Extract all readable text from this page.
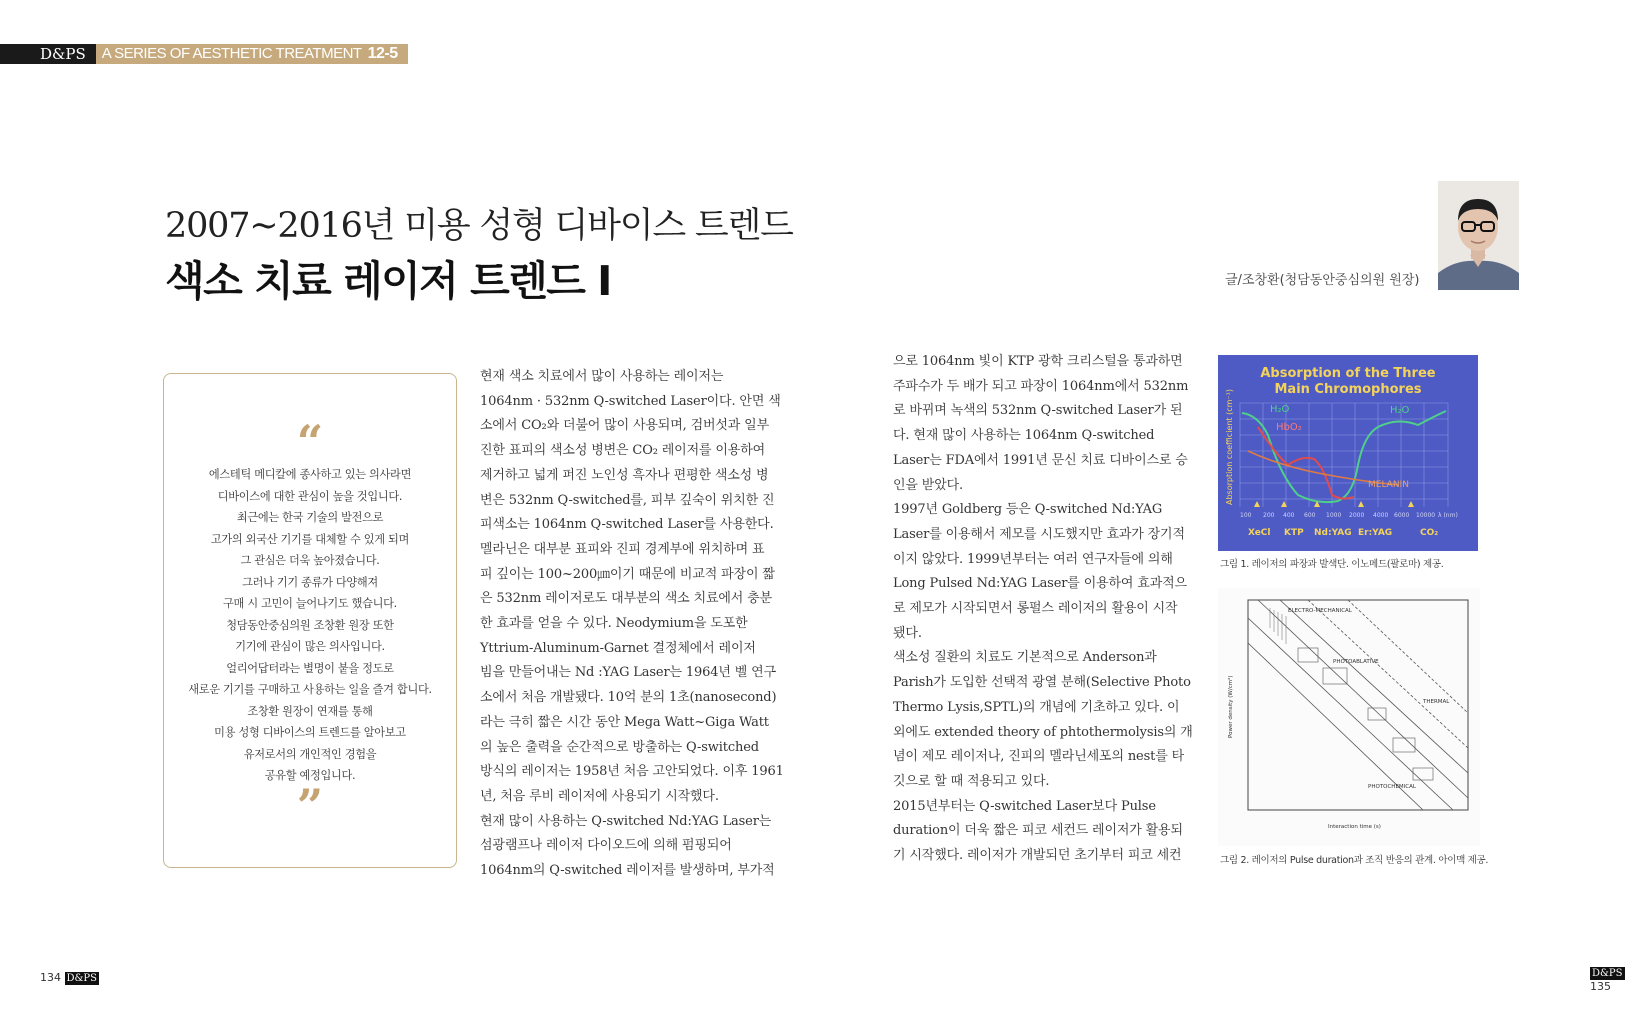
D&PS	A SERIES OF AESTHETIC TREATMENT 12-5
2007~2016년 미용 성형 디바이스 트렌드
색소 치료 레이저 트렌드 I	글/조창환(청담동안중심의원 원장)
“
에스테틱 메디칼에 종사하고 있는 의사라면
디바이스에 대한 관심이 높을 것입니다.
최근에는 한국 기술의 발전으로
고가의 외국산 기기를 대체할 수 있게 되며
그 관심은 더욱 높아졌습니다.
그러나 기기 종류가 다양해져
구매 시 고민이 늘어나기도 했습니다.
청담동안중심의원 조창환 원장 또한
기기에 관심이 많은 의사입니다.
얼리어답터라는 별명이 붙을 정도로
새로운 기기를 구매하고 사용하는 일을 즐겨 합니다.
조창환 원장이 연재를 통해
미용 성형 디바이스의 트렌드를 알아보고
유저로서의 개인적인 경험을
공유할 예정입니다.
”
현재 색소 치료에서 많이 사용하는 레이저는
1064nm · 532nm Q-switched Laser이다. 안면 색
소에서 CO₂와 더불어 많이 사용되며, 검버섯과 일부
진한 표피의 색소성 병변은 CO₂ 레이저를 이용하여
제거하고 넓게 퍼진 노인성 흑자나 편평한 색소성 병
변은 532nm Q-switched를, 피부 깊숙이 위치한 진
피색소는 1064nm Q-switched Laser를 사용한다.
멜라닌은 대부분 표피와 진피 경계부에 위치하며 표
피 깊이는 100~200㎛이기 때문에 비교적 파장이 짧
은 532nm 레이저로도 대부분의 색소 치료에서 충분
한 효과를 얻을 수 있다. Neodymium을 도포한
Yttrium-Aluminum-Garnet 결정체에서 레이저
빔을 만들어내는 Nd :YAG Laser는 1964년 벨 연구
소에서 처음 개발됐다. 10억 분의 1초(nanosecond)
라는 극히 짧은 시간 동안 Mega Watt~Giga Watt
의 높은 출력을 순간적으로 방출하는 Q-switched
방식의 레이저는 1958년 처음 고안되었다. 이후 1961
년, 처음 루비 레이저에 사용되기 시작했다.
현재 많이 사용하는 Q-switched Nd:YAG Laser는
섬광램프나 레이저 다이오드에 의해 펌핑되어
1064nm의 Q-switched 레이저를 발생하며, 부가적
으로 1064nm 빛이 KTP 광학 크리스털을 통과하면
주파수가 두 배가 되고 파장이 1064nm에서 532nm
로 바뀌며 녹색의 532nm Q-switched Laser가 된
다. 현재 많이 사용하는 1064nm Q-switched
Laser는 FDA에서 1991년 문신 치료 디바이스로 승
인을 받았다.
1997년 Goldberg 등은 Q-switched Nd:YAG
Laser를 이용해서 제모를 시도했지만 효과가 장기적
이지 않았다. 1999년부터는 여러 연구자들에 의해
Long Pulsed Nd:YAG Laser를 이용하여 효과적으
로 제모가 시작되면서 롱펄스 레이저의 활용이 시작
됐다.
색소성 질환의 치료도 기본적으로 Anderson과
Parish가 도입한 선택적 광열 분해(Selective Photo
Thermo Lysis,SPTL)의 개념에 기초하고 있다. 이
외에도 extended theory of phtothermolysis의 개
념이 제모 레이저나, 진피의 멜라닌세포의 nest를 타
깃으로 할 때 적용되고 있다.
2015년부터는 Q-switched Laser보다 Pulse
duration이 더욱 짧은 피코 세컨드 레이저가 활용되
기 시작했다. 레이저가 개발되던 초기부터 피코 세컨
Absorption of the Three
Main Chromophores
H₂O
HbO₂
H₂O
MELANIN
Absorption coefficient (cm⁻¹)
100 200 400 600 1000 2000 4000 6000 10000 λ (nm)
XeCl KTP Nd:YAG Er:YAG	CO₂
그림 1. 레이저의 파장과 발색단. 이노메드(팔로마) 제공.
ELECTRO-MECHANICAL
PHOTOABLATIVE
THERMAL
PHOTOCHEMICAL
Power density (W/cm²)
Interaction time (s)
그림 2. 레이저의 Pulse duration과 조직 반응의 관계. 아이맥 제공.
134 D&PS	D&PS 135
